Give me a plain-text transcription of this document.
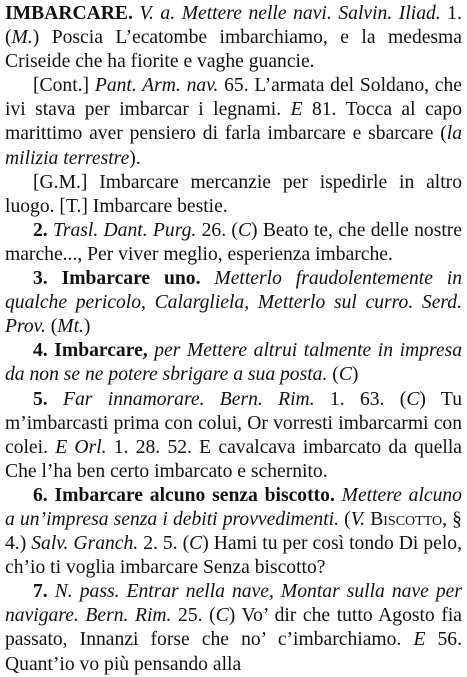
IMBARCARE. V. a. Mettere nelle navi. Salvin. Iliad. 1. (M.) Poscia L’ecatombe imbarchiamo, e la medesma Criseide che ha fiorite e vaghe guancie.

[Cont.] Pant. Arm. nav. 65. L’armata del Soldano, che ivi stava per imbarcar i legnami. E 81. Tocca al capo marittimo aver pensiero di farla imbarcare e sbarcare (la milizia terrestre).

[G.M.] Imbarcare mercanzie per ispedirle in altro luogo. [T.] Imbarcare bestie.

2. Trasl. Dant. Purg. 26. (C) Beato te, che delle nostre marche..., Per viver meglio, esperienza imbarche.

3. Imbarcare uno. Metterlo fraudolentemente in qualche pericolo, Calargliela, Metterlo sul curro. Serd. Prov. (Mt.)

4. Imbarcare, per Mettere altrui talmente in impresa da non se ne potere sbrigare a sua posta. (C)

5. Far innamorare. Bern. Rim. 1. 63. (C) Tu m’imbarcasti prima con colui, Or vorresti imbarcarmi con colei. E Orl. 1. 28. 52. E cavalcava imbarcato da quella Che l’ha ben certo imbarcato e schernito.

6. Imbarcare alcuno senza biscotto. Mettere alcuno a un’impresa senza i debiti provvedimenti. (V. Biscotto, § 4.) Salv. Granch. 2. 5. (C) Hami tu per così tondo Di pelo, ch’io ti voglia imbarcare Senza biscotto?

7. N. pass. Entrar nella nave, Montar sulla nave per navigare. Bern. Rim. 25. (C) Vo’ dir che tutto Agosto fia passato, Innanzi forse che no’ c’imbarchiamo. E 56. Quant’io vo più pensando alla
